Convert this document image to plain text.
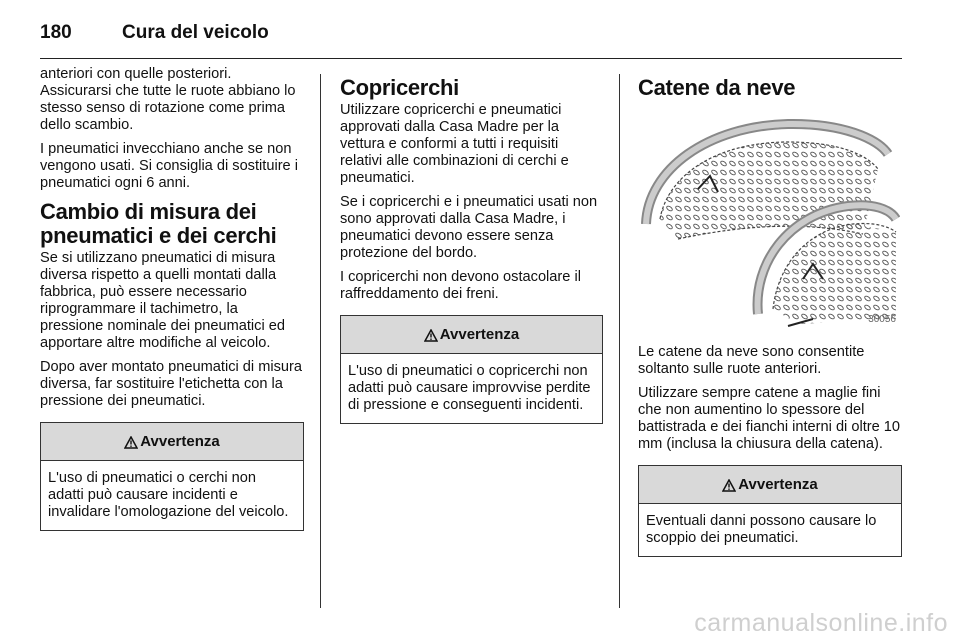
180	Cura del veicolo

anteriori con quelle posteriori. Assicurarsi che tutte le ruote abbiano lo stesso senso di rotazione come prima dello scambio.

I pneumatici invecchiano anche se non vengono usati. Si consiglia di sostituire i pneumatici ogni 6 anni.

Cambio di misura dei pneumatici e dei cerchi

Se si utilizzano pneumatici di misura diversa rispetto a quelli montati dalla fabbrica, può essere necessario riprogrammare il tachimetro, la pressione nominale dei pneumatici ed apportare altre modifiche al veicolo.

Dopo aver montato pneumatici di misura diversa, far sostituire l'etichetta con la pressione dei pneumatici.

Avvertenza
L'uso di pneumatici o cerchi non adatti può causare incidenti e invalidare l'omologazione del veicolo.
Copricerchi

Utilizzare copricerchi e pneumatici approvati dalla Casa Madre per la vettura e conformi a tutti i requisiti relativi alle combinazioni di cerchi e pneumatici.

Se i copricerchi e i pneumatici usati non sono approvati dalla Casa Madre, i pneumatici devono essere senza protezione del bordo.

I copricerchi non devono ostacolare il raffreddamento dei freni.

Avvertenza
L'uso di pneumatici o copricerchi non adatti può causare improvvise perdite di pressione e conseguenti incidenti.
Catene da neve
30056

Le catene da neve sono consentite soltanto sulle ruote anteriori.

Utilizzare sempre catene a maglie fini che non aumentino lo spessore del battistrada e dei fianchi interni di oltre 10 mm (inclusa la chiusura della catena).

Avvertenza
Eventuali danni possono causare lo scoppio dei pneumatici.
carmanualsonline.info
